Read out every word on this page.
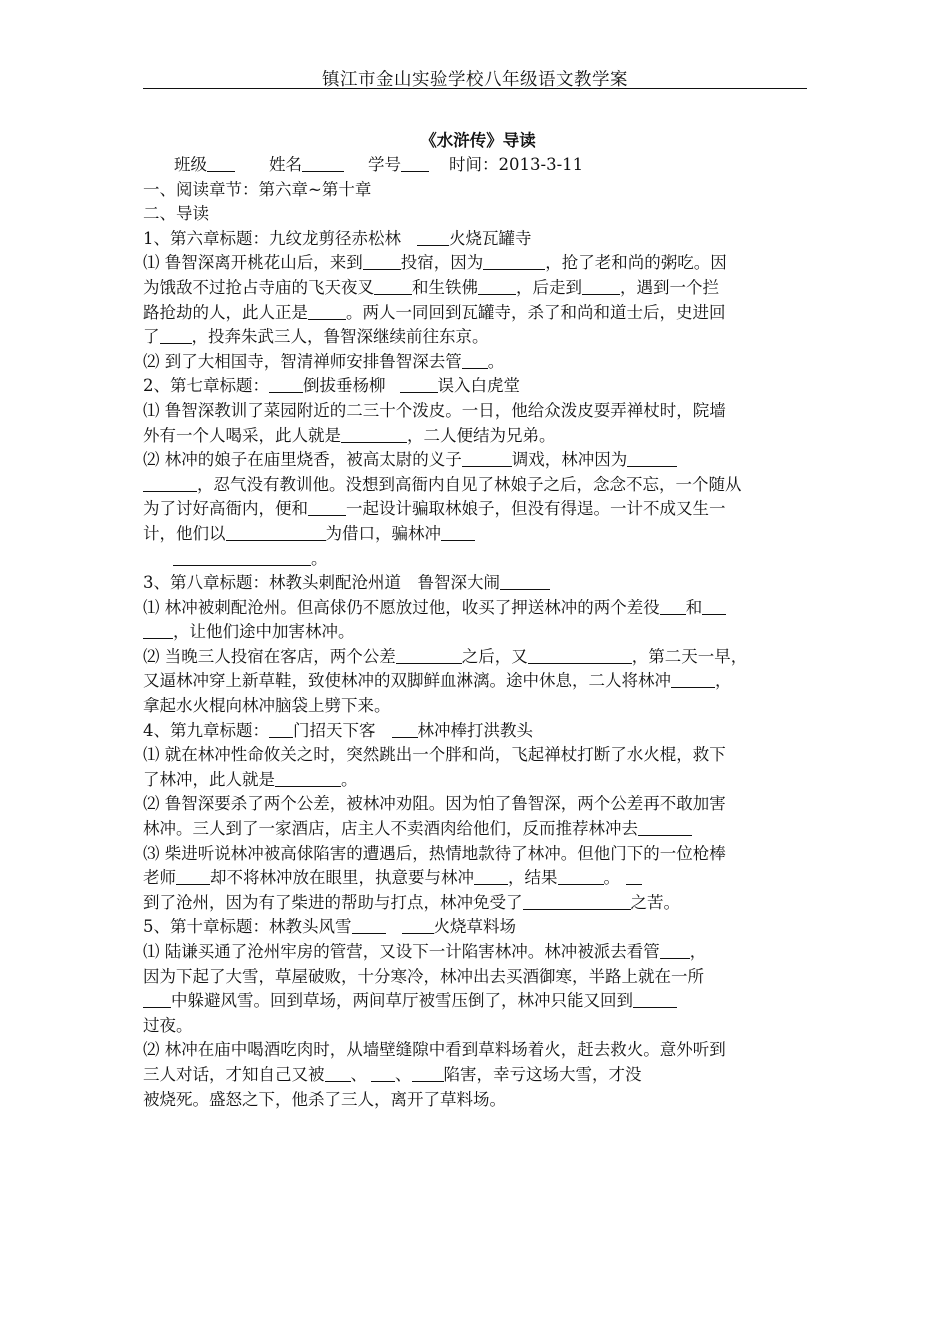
镇江市金山实验学校八年级语文教学案
《水浒传》导读
班级	姓名	学号	时间：2013-3-11
一、阅读章节：第六章~第十章
二、导读
1、第六章标题：九纹龙剪径赤松林	火烧瓦罐寺
⑴ 鲁智深离开桃花山后，来到 投宿，因为	，抢了老和尚的粥吃。因
为饿敌不过抢占寺庙的飞天夜叉 和生铁佛 ，后走到 ，遇到一个拦
路抢劫的人，此人正是 。两人一同回到瓦罐寺，杀了和尚和道士后，史进回
了 ，投奔朱武三人，鲁智深继续前往东京。
⑵ 到了大相国寺，智清禅师安排鲁智深去管 。
2、第七章标题： 倒拔垂杨柳	误入白虎堂
⑴ 鲁智深教训了菜园附近的二三十个泼皮。一日，他给众泼皮耍弄禅杖时，院墙
外有一个人喝采，此人就是	，二人便结为兄弟。
⑵ 林冲的娘子在庙里烧香，被高太尉的义子	调戏，林冲因为
，忍气没有教训他。没想到高衙内自见了林娘子之后，念念不忘，一个随从
为了讨好高衙内，便和 一起设计骗取林娘子，但没有得逞。一计不成又生一
计，他们以	为借口，骗林冲
。
3、第八章标题：林教头刺配沧州道　鲁智深大闹
⑴ 林冲被刺配沧州。但高俅仍不愿放过他，收买了押送林冲的两个差役 和
，让他们途中加害林冲。
⑵ 当晚三人投宿在客店，两个公差	之后，又	，第二天一早，
又逼林冲穿上新草鞋，致使林冲的双脚鲜血淋漓。途中休息，二人将林冲	，
拿起水火棍向林冲脑袋上劈下来。
4、第九章标题： 门招天下客	林冲棒打洪教头
⑴ 就在林冲性命攸关之时，突然跳出一个胖和尚，飞起禅杖打断了水火棍，救下
了林冲，此人就是	。
⑵ 鲁智深要杀了两个公差，被林冲劝阻。因为怕了鲁智深，两个公差再不敢加害
林冲。三人到了一家酒店，店主人不卖酒肉给他们，反而推荐林冲去
⑶ 柴进听说林冲被高俅陷害的遭遇后，热情地款待了林冲。但他门下的一位枪棒
老师 却不将林冲放在眼里，执意要与林冲 ，结果	。
到了沧州，因为有了柴进的帮助与打点，林冲免受了	之苦。
5、第十章标题：林教头风雪	火烧草料场
⑴ 陆谦买通了沧州牢房的管营，又设下一计陷害林冲。林冲被派去看管 ，
因为下起了大雪，草屋破败，十分寒冷，林冲出去买酒御寒，半路上就在一所
中躲避风雪。回到草场，两间草厅被雪压倒了，林冲只能又回到
过夜。
⑵ 林冲在庙中喝酒吃肉时，从墙壁缝隙中看到草料场着火，赶去救火。意外听到
三人对话，才知自己又被 、 、 陷害，幸亏这场大雪，才没
被烧死。盛怒之下，他杀了三人，离开了草料场。
